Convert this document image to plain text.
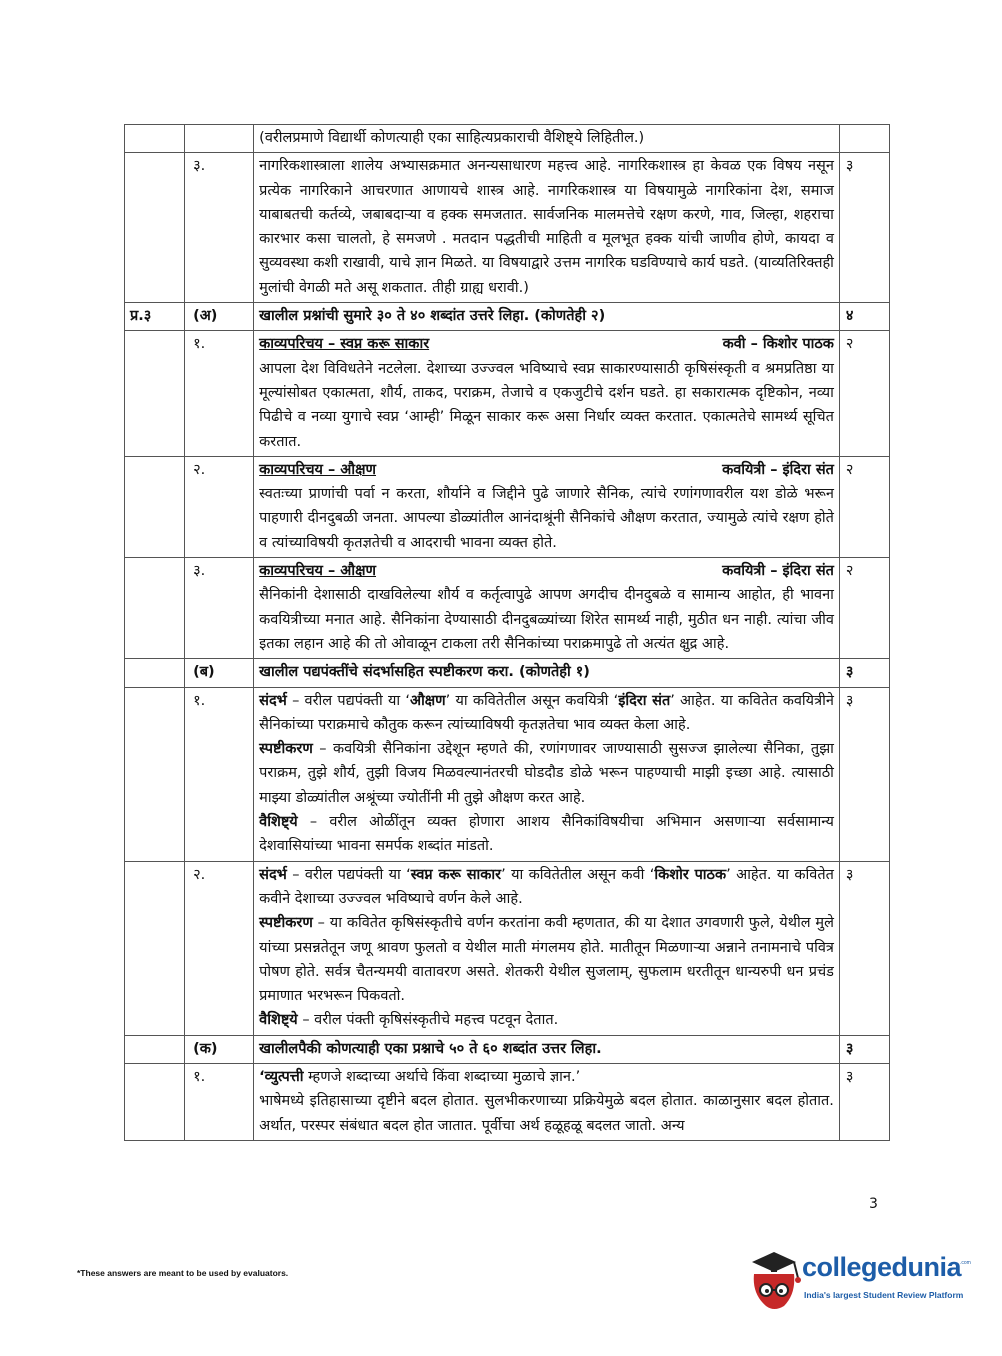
		(वरीलप्रमाणे विद्यार्थी कोणत्याही एका साहित्यप्रकाराची वैशिष्ट्ये लिहितील.)	
	३.	नागरिकशास्त्राला शालेय अभ्यासक्रमात अनन्यसाधारण महत्त्व आहे. नागरिकशास्त्र हा केवळ एक विषय नसून प्रत्येक नागरिकाने आचरणात आणायचे शास्त्र आहे. नागरिकशास्त्र या विषयामुळे नागरिकांना देश, समाज याबाबतची कर्तव्ये, जबाबदाऱ्या व हक्क समजतात. सार्वजनिक मालमत्तेचे रक्षण करणे, गाव, जिल्हा, शहराचा कारभार कसा चालतो, हे समजणे . मतदान पद्धतीची माहिती व मूलभूत हक्क यांची जाणीव होणे, कायदा व सुव्यवस्था कशी राखावी, याचे ज्ञान मिळते. या विषयाद्वारे उत्तम नागरिक घडविण्याचे कार्य घडते. (याव्यतिरिक्तही मुलांची वेगळी मते असू शकतात. तीही ग्राह्य धरावी.)	३
प्र.३	(अ)	खालील प्रश्नांची सुमारे ३० ते ४० शब्दांत उत्तरे लिहा. (कोणतेही २)	४
	१.	काव्यपरिचय – स्वप्न करू साकार कवी – किशोर पाठक
आपला देश विविधतेने नटलेला. देशाच्या उज्ज्वल भविष्याचे स्वप्न साकारण्यासाठी कृषिसंस्कृती व श्रमप्रतिष्ठा या मूल्यांसोबत एकात्मता, शौर्य, ताकद, पराक्रम, तेजाचे व एकजुटीचे दर्शन घडते. हा सकारात्मक दृष्टिकोन, नव्या पिढीचे व नव्या युगाचे स्वप्न ‘आम्ही’ मिळून साकार करू असा निर्धार व्यक्त करतात. एकात्मतेचे सामर्थ्य सूचित करतात.	२
	२.	काव्यपरिचय – औक्षण कवयित्री – इंदिरा संत
स्वतःच्या प्राणांची पर्वा न करता, शौर्याने व जिद्दीने पुढे जाणारे सैनिक, त्यांचे रणांगणावरील यश डोळे भरून पाहणारी दीनदुबळी जनता. आपल्या डोळ्यांतील आनंदाश्रूंनी सैनिकांचे औक्षण करतात, ज्यामुळे त्यांचे रक्षण होते व त्यांच्याविषयी कृतज्ञतेची व आदराची भावना व्यक्त होते.	२
	३.	काव्यपरिचय – औक्षण कवयित्री – इंदिरा संत
सैनिकांनी देशासाठी दाखविलेल्या शौर्य व कर्तृत्वापुढे आपण अगदीच दीनदुबळे व सामान्य आहोत, ही भावना कवयित्रीच्या मनात आहे. सैनिकांना देण्यासाठी दीनदुबळ्यांच्या शिरेत सामर्थ्य नाही, मुठीत धन नाही. त्यांचा जीव इतका लहान आहे की तो ओवाळून टाकला तरी सैनिकांच्या पराक्रमापुढे तो अत्यंत क्षुद्र आहे.	२
	(ब)	खालील पद्यपंक्तींचे संदर्भासहित स्पष्टीकरण करा. (कोणतेही १)	३
	१.	संदर्भ – वरील पद्यपंक्ती या ‘औक्षण’ या कवितेतील असून कवयित्री ‘इंदिरा संत’ आहेत. या कवितेत कवयित्रीने सैनिकांच्या पराक्रमाचे कौतुक करून त्यांच्याविषयी कृतज्ञतेचा भाव व्यक्त केला आहे.
स्पष्टीकरण – कवयित्री सैनिकांना उद्देशून म्हणते की, रणांगणावर जाण्यासाठी सुसज्ज झालेल्या सैनिका, तुझा पराक्रम, तुझे शौर्य, तुझी विजय मिळवल्यानंतरची घोडदौड डोळे भरून पाहण्याची माझी इच्छा आहे. त्यासाठी माझ्या डोळ्यांतील अश्रूंच्या ज्योतींनी मी तुझे औक्षण करत आहे.
वैशिष्ट्ये – वरील ओळींतून व्यक्त होणारा आशय सैनिकांविषयीचा अभिमान असणाऱ्या सर्वसामान्य देशवासियांच्या भावना समर्पक शब्दांत मांडतो.	३
	२.	संदर्भ – वरील पद्यपंक्ती या ‘स्वप्न करू साकार’ या कवितेतील असून कवी ‘किशोर पाठक’ आहेत. या कवितेत कवीने देशाच्या उज्ज्वल भविष्याचे वर्णन केले आहे.
स्पष्टीकरण – या कवितेत कृषिसंस्कृतीचे वर्णन करतांना कवी म्हणतात, की या देशात उगवणारी फुले, येथील मुले यांच्या प्रसन्नतेतून जणू श्रावण फुलतो व येथील माती मंगलमय होते. मातीतून मिळणाऱ्या अन्नाने तनामनाचे पवित्र पोषण होते. सर्वत्र चैतन्यमयी वातावरण असते. शेतकरी येथील सुजलाम्, सुफलाम धरतीतून धान्यरुपी धन प्रचंड प्रमाणात भरभरून पिकवतो.
वैशिष्ट्ये – वरील पंक्ती कृषिसंस्कृतीचे महत्त्व पटवून देतात.	३
	(क)	खालीलपैकी कोणत्याही एका प्रश्नाचे ५० ते ६० शब्दांत उत्तर लिहा.	३
	१.	‘व्युत्पत्ती म्हणजे शब्दाच्या अर्थाचे किंवा शब्दाच्या मुळाचे ज्ञान.’
भाषेमध्ये इतिहासाच्या दृष्टीने बदल होतात. सुलभीकरणाच्या प्रक्रियेमुळे बदल होतात. काळानुसार बदल होतात. अर्थात, परस्पर संबंधात बदल होत जातात. पूर्वीचा अर्थ हळूहळू बदलत जातो. अन्य	३
3
*These answers are meant to be used by evaluators.	collegedunia
.com
India's largest Student Review Platform
